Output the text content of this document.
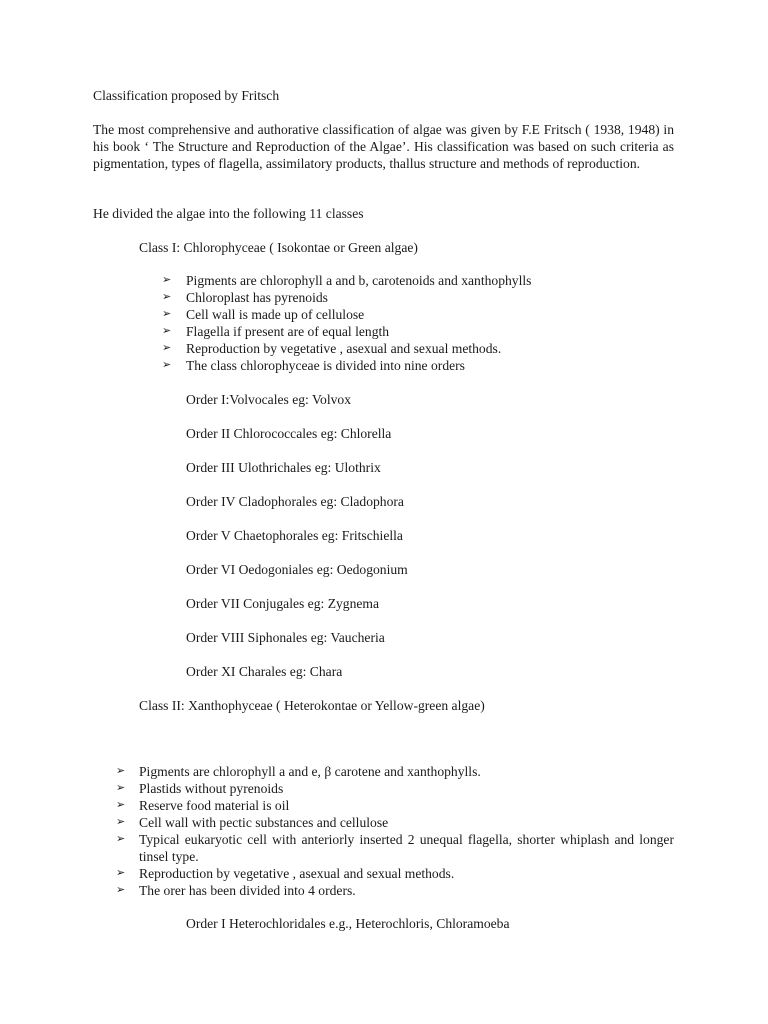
Classification proposed by Fritsch
The most comprehensive and authorative classification of algae was given by F.E Fritsch ( 1938, 1948) in his book ‘ The Structure and Reproduction of the Algae’. His classification was based on such criteria as pigmentation, types of flagella, assimilatory products, thallus structure and methods of reproduction.
He divided the algae into the following 11 classes
Class I: Chlorophyceae ( Isokontae or Green algae)
➢ Pigments are chlorophyll a and b, carotenoids and xanthophylls
➢ Chloroplast has pyrenoids
➢ Cell wall is made up of cellulose
➢ Flagella if present are of equal length
➢ Reproduction by vegetative , asexual and sexual methods.
➢ The class chlorophyceae is divided into nine orders
Order I:Volvocales eg: Volvox
Order II Chlorococcales eg: Chlorella
Order III Ulothrichales eg: Ulothrix
Order IV Cladophorales eg: Cladophora
Order V Chaetophorales eg: Fritschiella
Order VI Oedogoniales eg: Oedogonium
Order VII Conjugales eg: Zygnema
Order VIII Siphonales eg: Vaucheria
Order XI Charales eg: Chara
Class II: Xanthophyceae ( Heterokontae or Yellow-green algae)
➢ Pigments are chlorophyll a and e, β carotene and xanthophylls.
➢ Plastids without pyrenoids
➢ Reserve food material is oil
➢ Cell wall with pectic substances and cellulose
➢ Typical eukaryotic cell with anteriorly inserted 2 unequal flagella, shorter whiplash and longer tinsel type.
➢ Reproduction by vegetative , asexual and sexual methods.
➢ The orer has been divided into 4 orders.
Order I Heterochloridales e.g., Heterochloris, Chloramoeba
